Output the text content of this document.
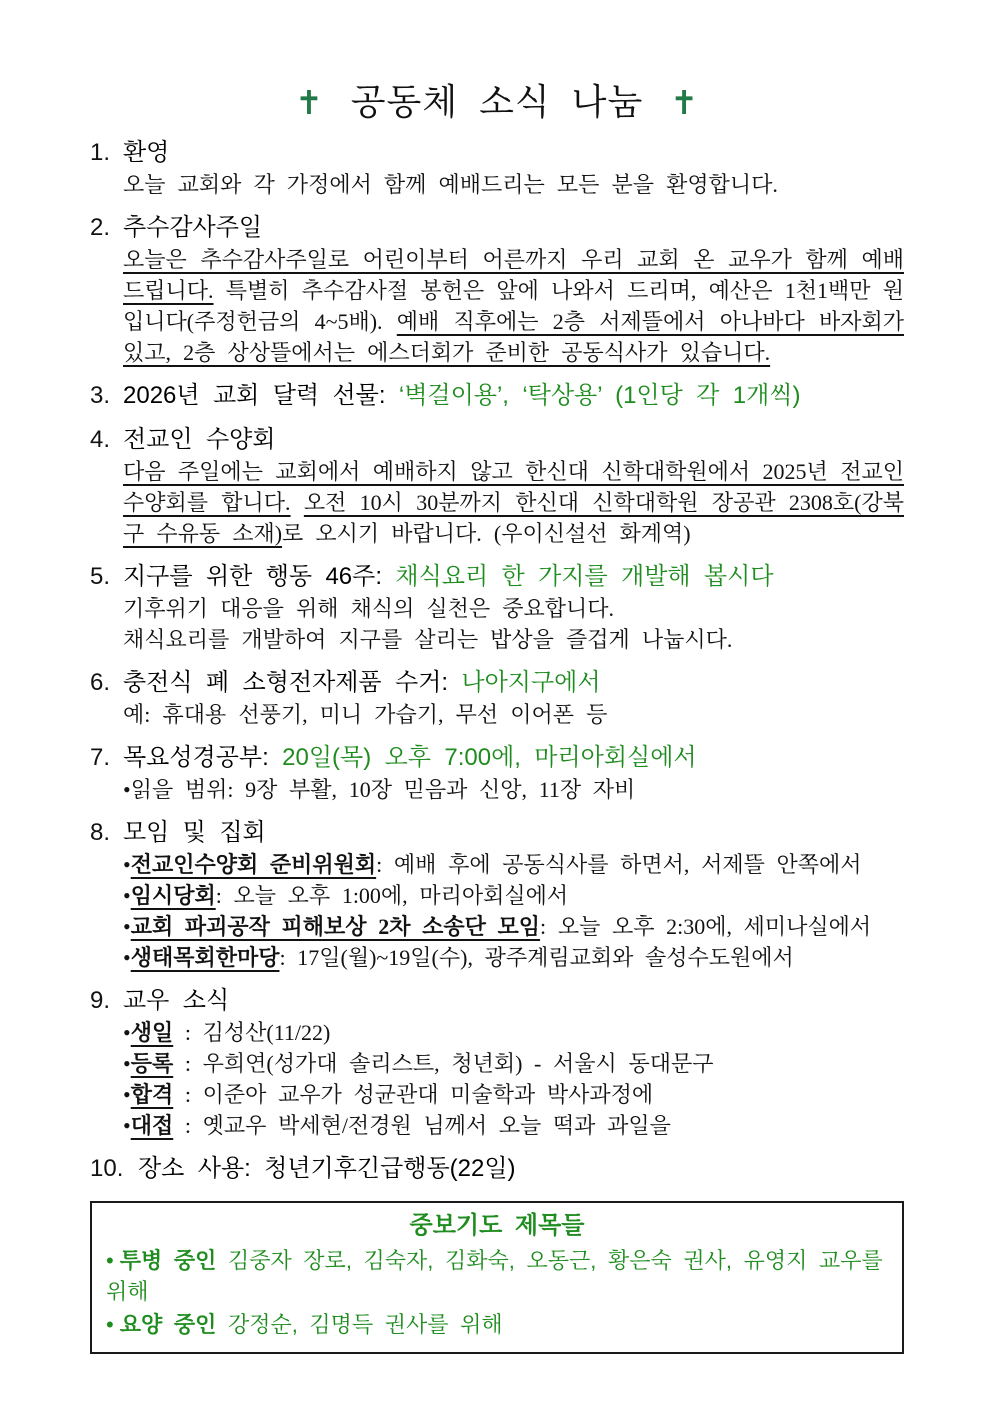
✝ 공동체 소식 나눔 ✝
1. 환영
오늘 교회와 각 가정에서 함께 예배드리는 모든 분을 환영합니다.
2. 추수감사주일
오늘은 추수감사주일로 어린이부터 어른까지 우리 교회 온 교우가 함께 예배드립니다. 특별히 추수감사절 봉헌은 앞에 나와서 드리며, 예산은 1천1백만 원입니다(주정헌금의 4~5배). 예배 직후에는 2층 서제뜰에서 아나바다 바자회가 있고, 2층 상상뜰에서는 에스더회가 준비한 공동식사가 있습니다.
3. 2026년 교회 달력 선물: ‘벽걸이용’, ‘탁상용’ (1인당 각 1개씩)
4. 전교인 수양회
다음 주일에는 교회에서 예배하지 않고 한신대 신학대학원에서 2025년 전교인 수양회를 합니다. 오전 10시 30분까지 한신대 신학대학원 장공관 2308호(강북구 수유동 소재)로 오시기 바랍니다. (우이신설선 화계역)
5. 지구를 위한 행동 46주: 채식요리 한 가지를 개발해 봅시다
기후위기 대응을 위해 채식의 실천은 중요합니다.
채식요리를 개발하여 지구를 살리는 밥상을 즐겁게 나눕시다.
6. 충전식 폐 소형전자제품 수거: 나아지구에서
예: 휴대용 선풍기, 미니 가습기, 무선 이어폰 등
7. 목요성경공부: 20일(목) 오후 7:00에, 마리아회실에서
•읽을 범위: 9장 부활, 10장 믿음과 신앙, 11장 자비
8. 모임 및 집회
•전교인수양회 준비위원회: 예배 후에 공동식사를 하면서, 서제뜰 안쪽에서
•임시당회: 오늘 오후 1:00에, 마리아회실에서
•교회 파괴공작 피해보상 2차 소송단 모임: 오늘 오후 2:30에, 세미나실에서
•생태목회한마당: 17일(월)~19일(수), 광주계림교회와 솔성수도원에서
9. 교우 소식
•생일 : 김성산(11/22)
•등록 : 우희연(성가대 솔리스트, 청년회) - 서울시 동대문구
•합격 : 이준아 교우가 성균관대 미술학과 박사과정에
•대접 : 옛교우 박세현/전경원 님께서 오늘 떡과 과일을
10. 장소 사용: 청년기후긴급행동(22일)
중보기도 제목들
• 투병 중인 김중자 장로, 김숙자, 김화숙, 오동근, 황은숙 권사, 유영지 교우를 위해
• 요양 중인 강정순, 김명득 권사를 위해
